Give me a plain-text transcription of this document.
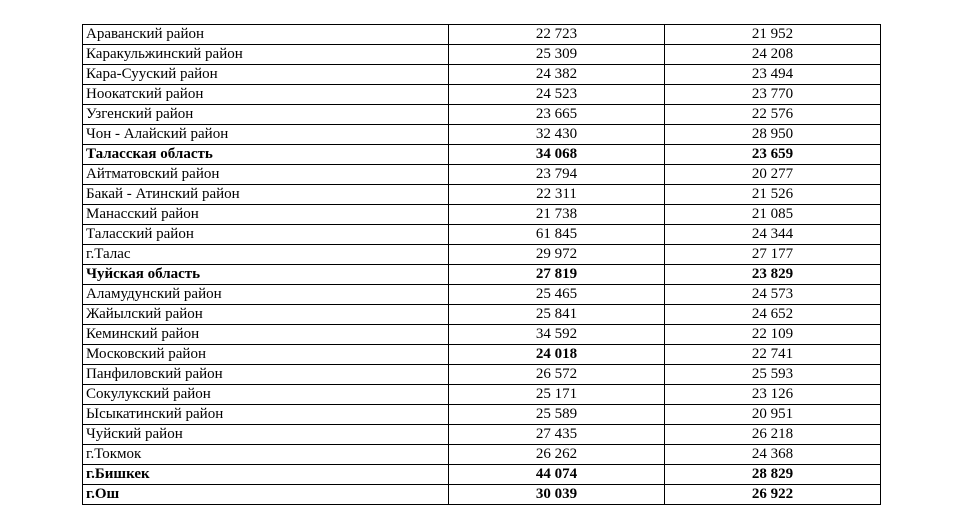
Араванский район	22 723	21 952
Каракульжинский район	25 309	24 208
Кара-Сууский район	24 382	23 494
Ноокатский район	24 523	23 770
Узгенский район	23 665	22 576
Чон - Алайский район	32 430	28 950
Таласская область	34 068	23 659
Айтматовский район	23 794	20 277
Бакай - Атинский район	22 311	21 526
Манасский район	21 738	21 085
Таласский район	61 845	24 344
г.Талас	29 972	27 177
Чуйская область	27 819	23 829
Аламудунский район	25 465	24 573
Жайылский район	25 841	24 652
Кеминский район	34 592	22 109
Московский район	24 018	22 741
Панфиловский район	26 572	25 593
Сокулукский район	25 171	23 126
Ысыкатинский район	25 589	20 951
Чуйский район	27 435	26 218
г.Токмок	26 262	24 368
г.Бишкек	44 074	28 829
г.Ош	30 039	26 922
